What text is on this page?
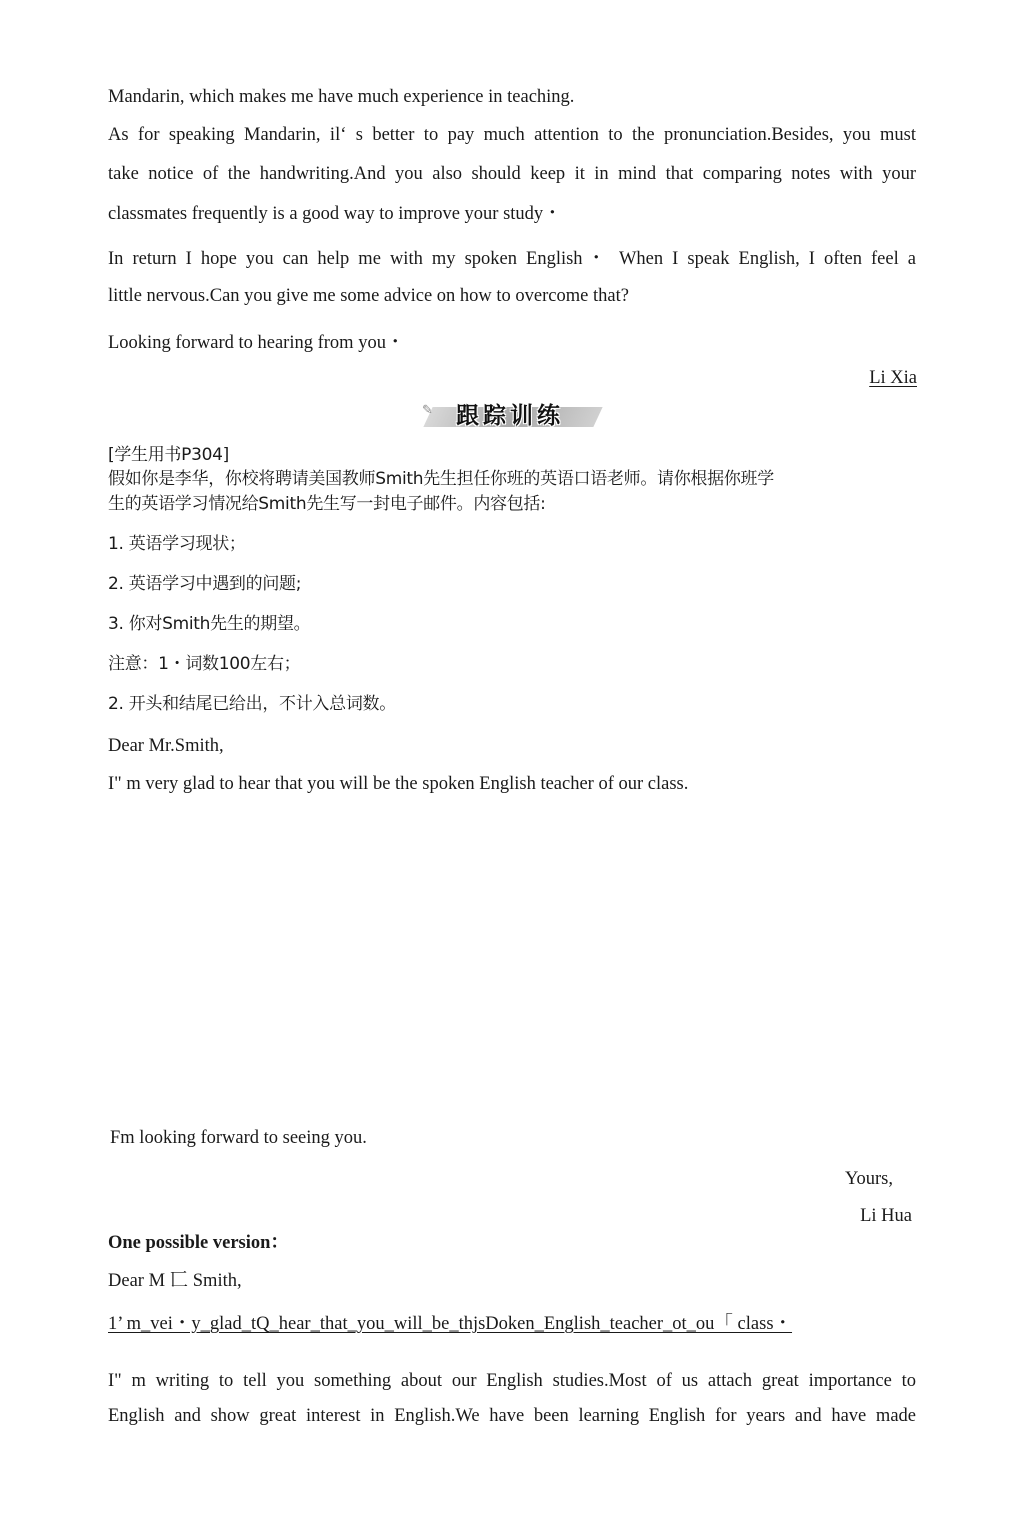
Mandarin, which makes me have much experience in teaching.
As for speaking Mandarin, il‘ s better to pay much attention to the pronunciation.Besides, you must
take notice of the handwriting.And you also should keep it in mind that comparing notes with your
classmates frequently is a good way to improve your study・
In return I hope you can help me with my spoken English・ When I speak English, I often feel a
little nervous.Can you give me some advice on how to overcome that?
Looking forward to hearing from you・
Li Xia
✎ 跟踪训练
[学生用书P304]
假如你是李华，你校将聘请美国教师Smith先生担任你班的英语口语老师。请你根据你班学
生的英语学习情况给Smith先生写一封电子邮件。内容包括:
1. 英语学习现状；
2. 英语学习中遇到的问题;
3. 你对Smith先生的期望。
注意：1・词数100左右；
2. 开头和结尾已给出，不计入总词数。
Dear Mr.Smith,
I" m very glad to hear that you will be the spoken English teacher of our class.
Fm looking forward to seeing you.
Yours,
Li Hua
One possible version：
Dear M 匸 Smith,
1’ m_vei・y_glad_tQ_hear_that_you_will_be_thjsDoken_English_teacher_ot_ou「 class・
I" m writing to tell you something about our English studies.Most of us attach great importance to
English and show great interest in English.We have been learning English for years and have made
